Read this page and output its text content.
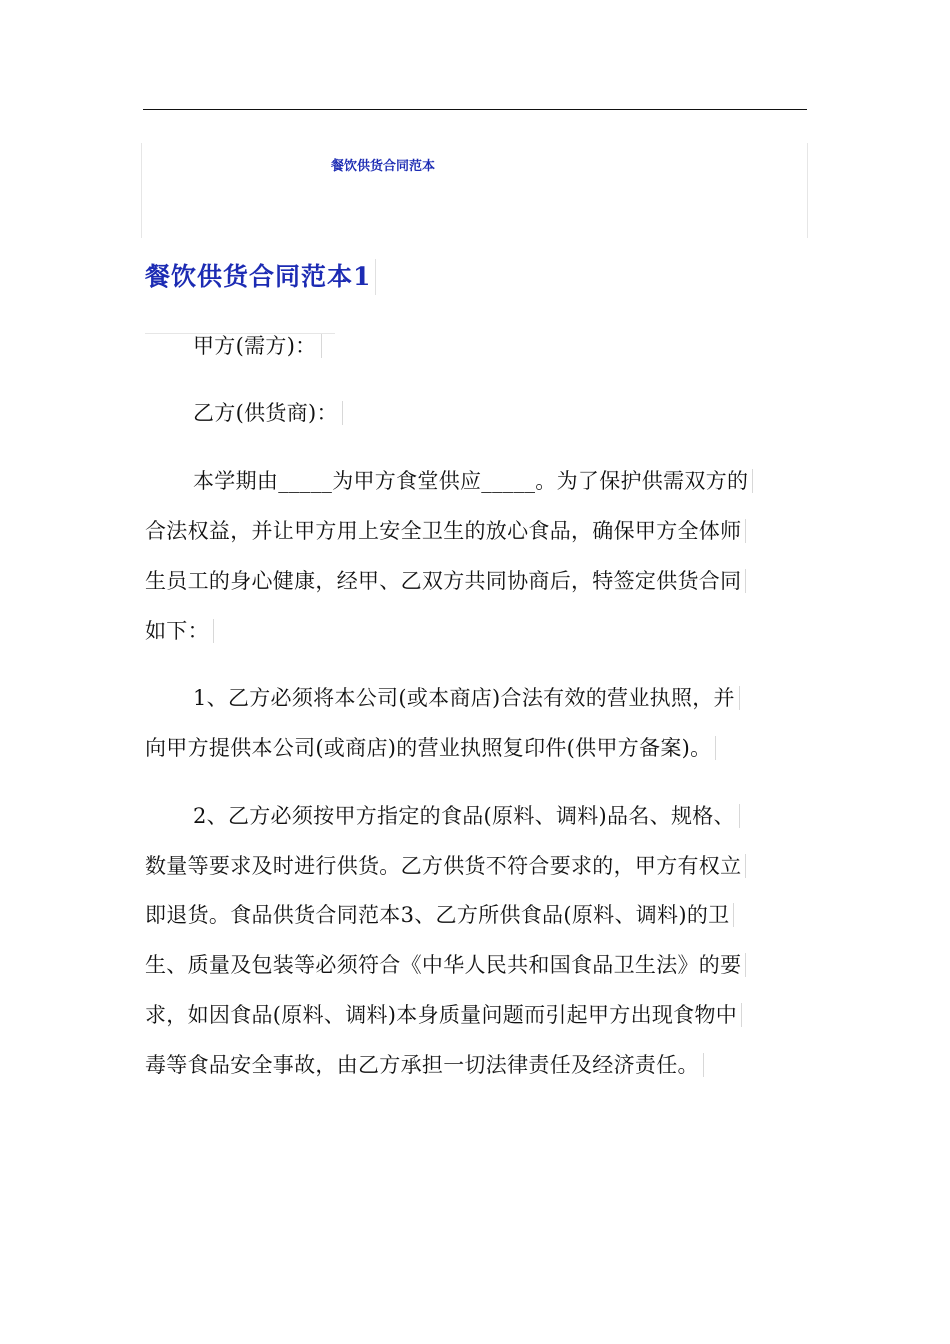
餐饮供货合同范本
餐饮供货合同范本1
甲方(需方)：
乙方(供货商)：
本学期由_____为甲方食堂供应_____。为了保护供需双方的
合法权益，并让甲方用上安全卫生的放心食品，确保甲方全体师
生员工的身心健康，经甲、乙双方共同协商后，特签定供货合同
如下：
1、乙方必须将本公司(或本商店)合法有效的营业执照，并
向甲方提供本公司(或商店)的营业执照复印件(供甲方备案)。
2、乙方必须按甲方指定的食品(原料、调料)品名、规格、
数量等要求及时进行供货。乙方供货不符合要求的，甲方有权立
即退货。食品供货合同范本3、乙方所供食品(原料、调料)的卫
生、质量及包装等必须符合《中华人民共和国食品卫生法》的要
求，如因食品(原料、调料)本身质量问题而引起甲方出现食物中
毒等食品安全事故，由乙方承担一切法律责任及经济责任。
